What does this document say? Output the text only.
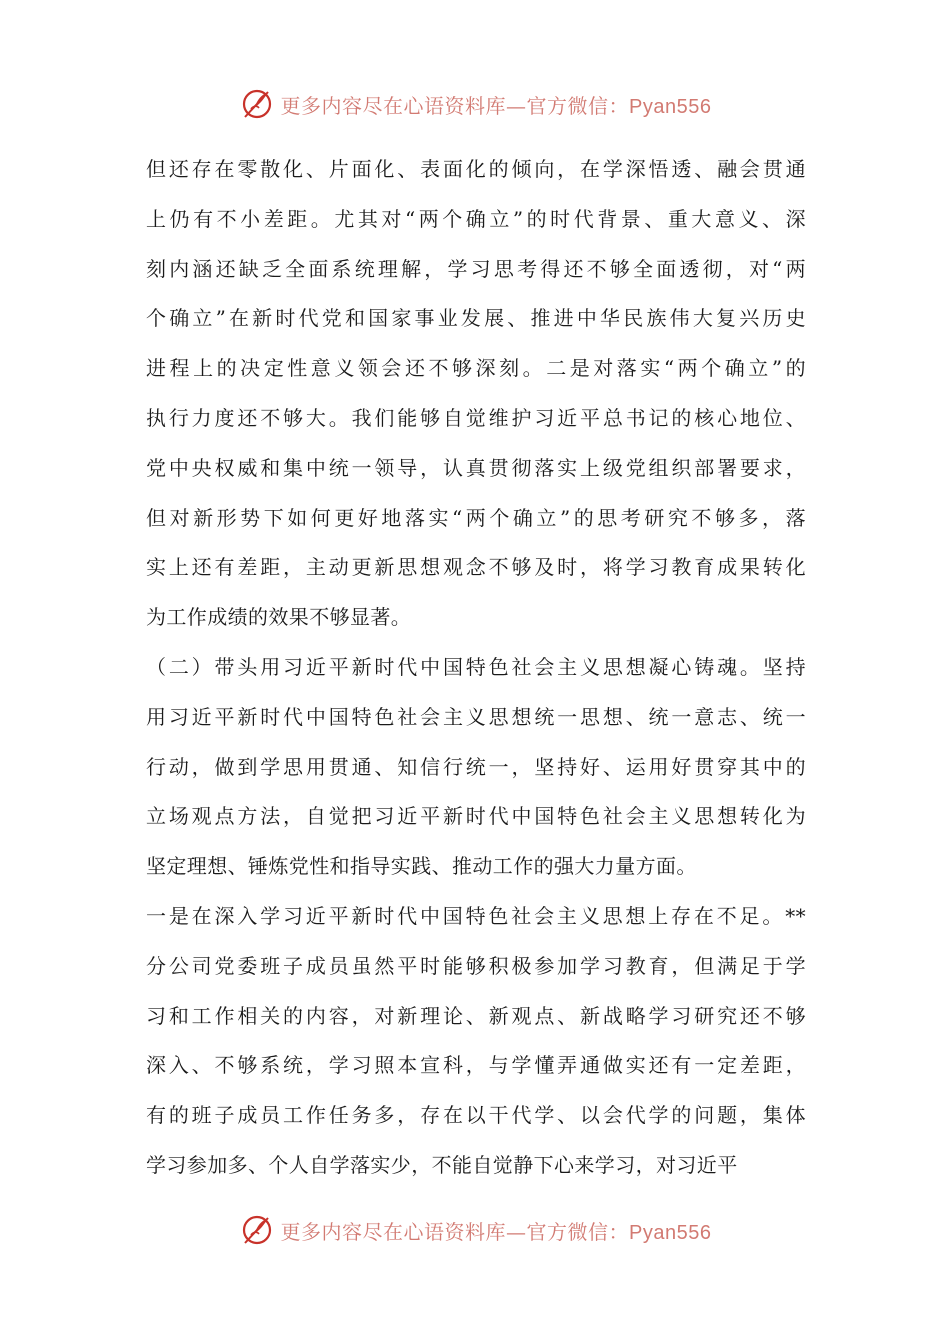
更多内容尽在心语资料库—官方微信：Pyan556
但还存在零散化、片面化、表面化的倾向，在学深悟透、融会贯通
上仍有不小差距。尤其对“两个确立”的时代背景、重大意义、深
刻内涵还缺乏全面系统理解，学习思考得还不够全面透彻，对“两
个确立”在新时代党和国家事业发展、推进中华民族伟大复兴历史
进程上的决定性意义领会还不够深刻。二是对落实“两个确立”的
执行力度还不够大。我们能够自觉维护习近平总书记的核心地位、
党中央权威和集中统一领导，认真贯彻落实上级党组织部署要求，
但对新形势下如何更好地落实“两个确立”的思考研究不够多，落
实上还有差距，主动更新思想观念不够及时，将学习教育成果转化
为工作成绩的效果不够显著。
（二）带头用习近平新时代中国特色社会主义思想凝心铸魂。坚持
用习近平新时代中国特色社会主义思想统一思想、统一意志、统一
行动，做到学思用贯通、知信行统一，坚持好、运用好贯穿其中的
立场观点方法，自觉把习近平新时代中国特色社会主义思想转化为
坚定理想、锤炼党性和指导实践、推动工作的强大力量方面。
一是在深入学习近平新时代中国特色社会主义思想上存在不足。**
分公司党委班子成员虽然平时能够积极参加学习教育，但满足于学
习和工作相关的内容，对新理论、新观点、新战略学习研究还不够
深入、不够系统，学习照本宣科，与学懂弄通做实还有一定差距，
有的班子成员工作任务多，存在以干代学、以会代学的问题，集体
学习参加多、个人自学落实少，不能自觉静下心来学习，对习近平
更多内容尽在心语资料库—官方微信：Pyan556
